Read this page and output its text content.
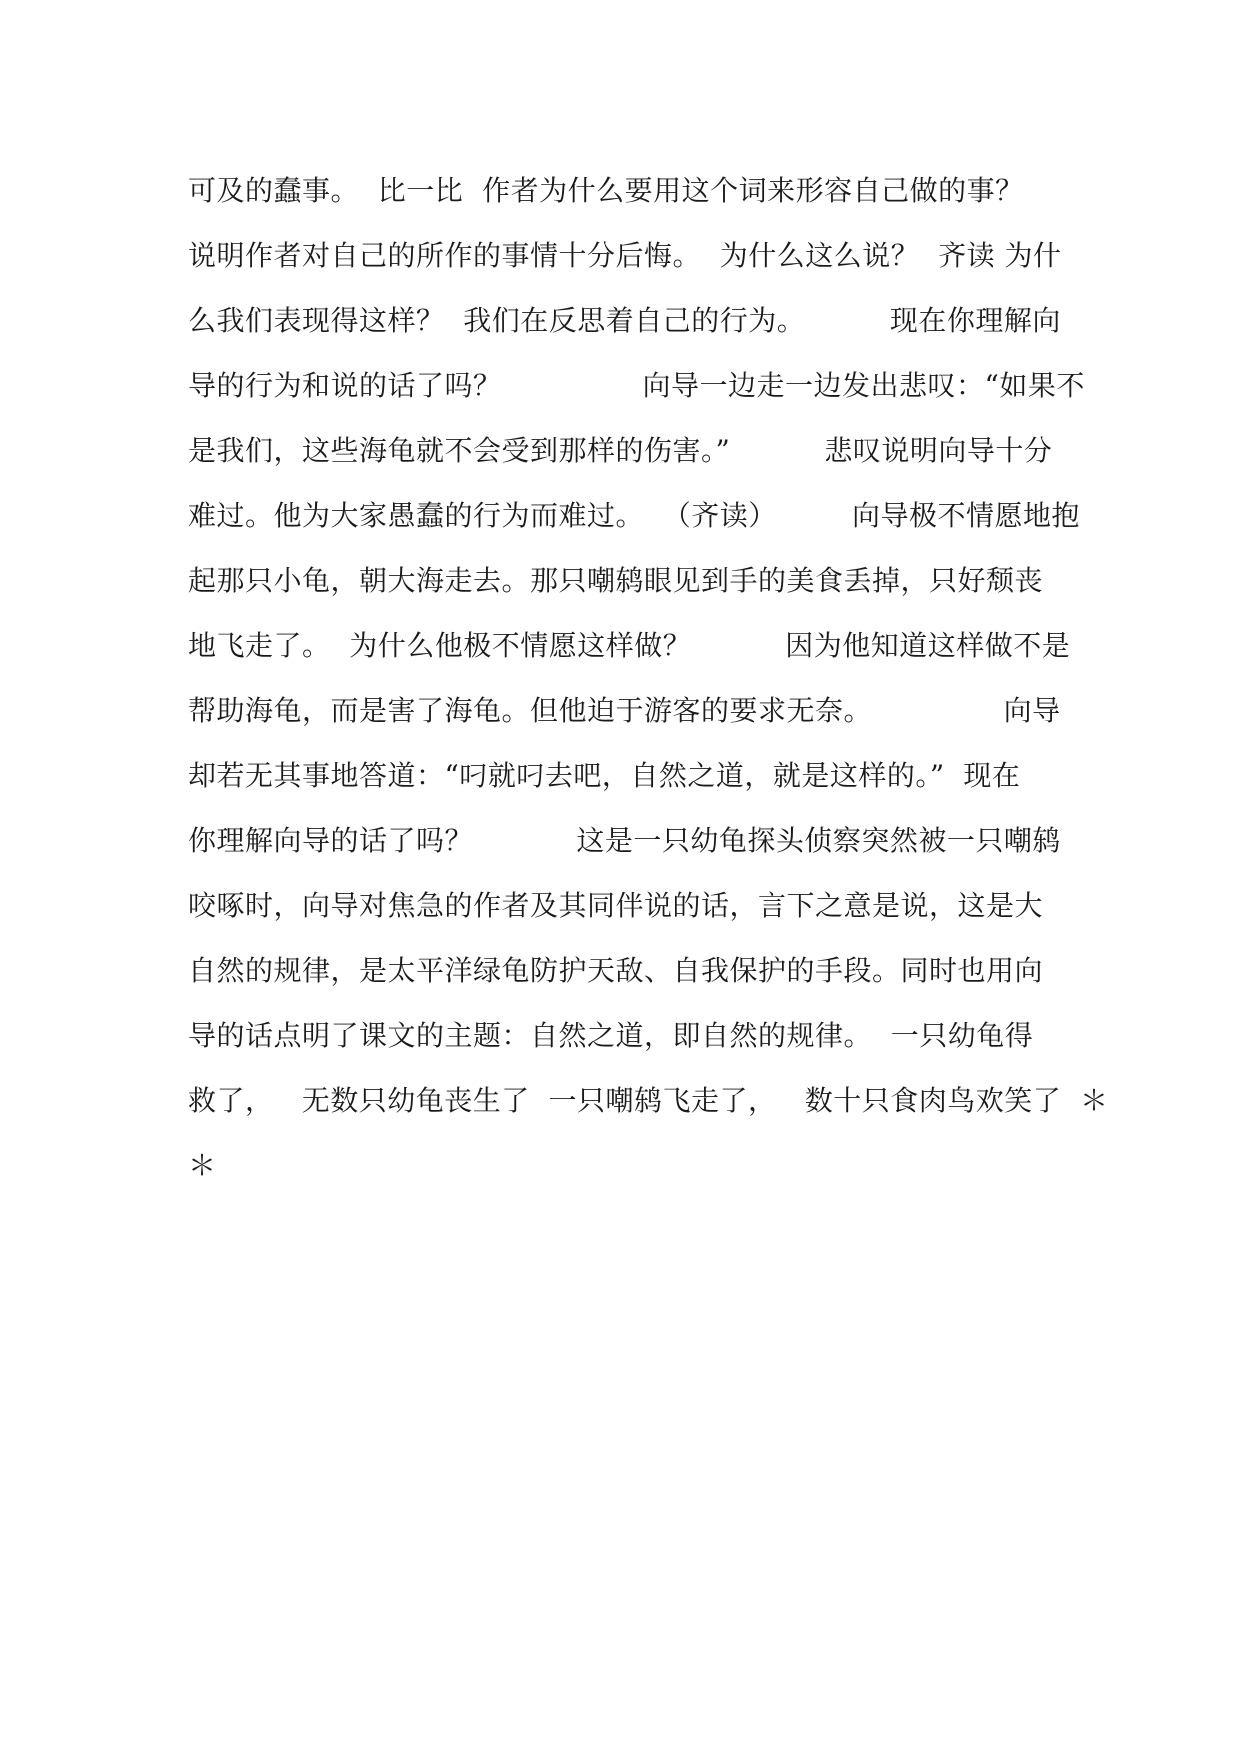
可及的蠢事。  比一比  作者为什么要用这个词来形容自己做的事？
说明作者对自己的所作的事情十分后悔。  为什么这么说？  齐读 为什
么我们表现得这样？  我们在反思着自己的行为。         现在你理解向
导的行为和说的话了吗？               向导一边走一边发出悲叹：“如果不
是我们，这些海龟就不会受到那样的伤害。”          悲叹说明向导十分
难过。他为大家愚蠢的行为而难过。  （齐读）        向导极不情愿地抱
起那只小龟，朝大海走去。那只嘲鸫眼见到手的美食丢掉，只好颓丧
地飞走了。  为什么他极不情愿这样做？          因为他知道这样做不是
帮助海龟，而是害了海龟。但他迫于游客的要求无奈。              向导
却若无其事地答道：“叼就叼去吧，自然之道，就是这样的。”  现在
你理解向导的话了吗？           这是一只幼龟探头侦察突然被一只嘲鸫
咬啄时，向导对焦急的作者及其同伴说的话，言下之意是说，这是大
自然的规律，是太平洋绿龟防护天敌、自我保护的手段。同时也用向
导的话点明了课文的主题：自然之道，即自然的规律。  一只幼龟得
救了，   无数只幼龟丧生了  一只嘲鸫飞走了，   数十只食肉鸟欢笑了  ＊
＊
